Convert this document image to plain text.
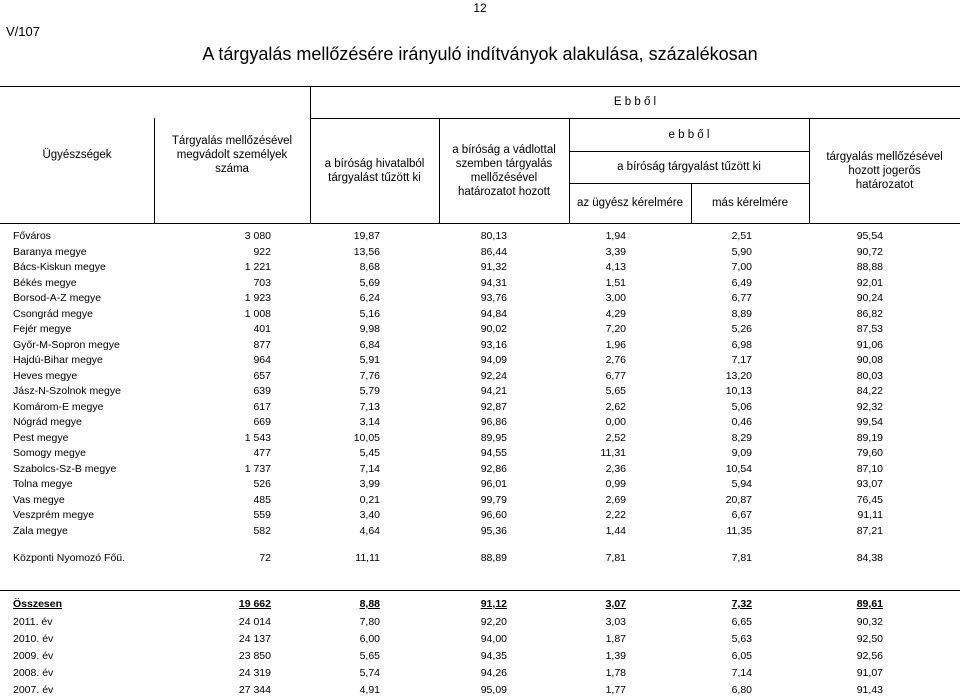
12
V/107
A tárgyalás mellőzésére irányuló indítványok alakulása, százalékosan
E b b ő l
Ügyészségek
Tárgyalás mellőzésével
megvádolt személyek
száma	a bíróság hivatalból
tárgyalást tűzött ki
a bíróság a vádlottal
szemben tárgyalás
mellőzésével
határozatot hozott
e b b ő l
a bíróság tárgyalást tűzött ki
az ügyész kérelmére	más kérelmére
tárgyalás mellőzésével
hozott jogerős
határozatot
Főváros	3 080	19,87	80,13	1,94	2,51	95,54
Baranya megye	922	13,56	86,44	3,39	5,90	90,72
Bács-Kiskun megye	1 221	8,68	91,32	4,13	7,00	88,88
Békés megye	703	5,69	94,31	1,51	6,49	92,01
Borsod-A-Z megye	1 923	6,24	93,76	3,00	6,77	90,24
Csongrád megye	1 008	5,16	94,84	4,29	8,89	86,82
Fejér megye	401	9,98	90,02	7,20	5,26	87,53
Győr-M-Sopron megye	877	6,84	93,16	1,96	6,98	91,06
Hajdú-Bihar megye	964	5,91	94,09	2,76	7,17	90,08
Heves megye	657	7,76	92,24	6,77	13,20	80,03
Jász-N-Szolnok megye	639	5,79	94,21	5,65	10,13	84,22
Komárom-E megye	617	7,13	92,87	2,62	5,06	92,32
Nógrád megye	669	3,14	96,86	0,00	0,46	99,54
Pest megye	1 543	10,05	89,95	2,52	8,29	89,19
Somogy megye	477	5,45	94,55	11,31	9,09	79,60
Szabolcs-Sz-B megye	1 737	7,14	92,86	2,36	10,54	87,10
Tolna megye	526	3,99	96,01	0,99	5,94	93,07
Vas megye	485	0,21	99,79	2,69	20,87	76,45
Veszprém megye	559	3,40	96,60	2,22	6,67	91,11
Zala megye	582	4,64	95,36	1,44	11,35	87,21
Központi Nyomozó Főü.	72	11,11	88,89	7,81	7,81	84,38
Összesen	19 662	8,88	91,12	3,07	7,32	89,61
2011. év	24 014	7,80	92,20	3,03	6,65	90,32
2010. év	24 137	6,00	94,00	1,87	5,63	92,50
2009. év	23 850	5,65	94,35	1,39	6,05	92,56
2008. év	24 319	5,74	94,26	1,78	7,14	91,07
2007. év	27 344	4,91	95,09	1,77	6,80	91,43
